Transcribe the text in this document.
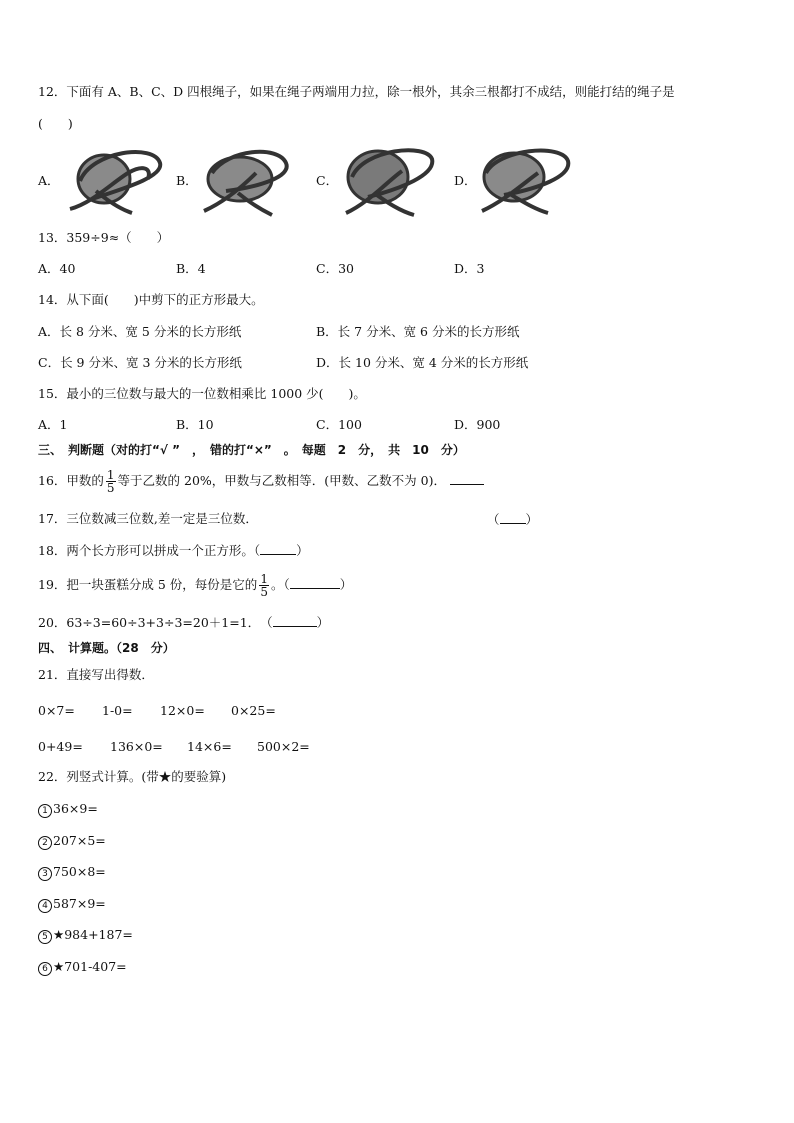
12．下面有 A、B、C、D 四根绳子，如果在绳子两端用力拉，除一根外，其余三根都打不成结，则能打结的绳子是
(　　)
A．	B．	C．	D．
13．359÷9≈（　　）
A．40	B．4	C．30	D．3
14．从下面(　　)中剪下的正方形最大。
A．长 8 分米、宽 5 分米的长方形纸	B．长 7 分米、宽 6 分米的长方形纸
C．长 9 分米、宽 3 分米的长方形纸	D．长 10 分米、宽 4 分米的长方形纸
15．最小的三位数与最大的一位数相乘比 1000 少(　　)。
A．1	B．10	C．100	D．900
三、　判断题（对的打“√ ”　，　错的打“×”　。　每题　2　分，　共　10　分）
16．甲数的 $\frac{1}{5}$ 等于乙数的 20%，甲数与乙数相等．(甲数、乙数不为 0)．
17．三位数减三位数,差一定是三位数．	（ ）
18．两个长方形可以拼成一个正方形。（	）
19．把一块蛋糕分成 5 份，每份是它的 $\frac{1}{5}$ 。（	）
20．63÷3=60÷3+3÷3=20＋1=1．　（	）
四、　计算题。（28　分）
21．直接写出得数．
0×7= 1-0= 12×0= 0×25=
0+49= 136×0= 14×6= 500×2=
22．列竖式计算。(带★的要验算)
1 36×9=
2 207×5=
3 750×8=
4 587×9=
5 ★984+187=
6 ★701-407=
